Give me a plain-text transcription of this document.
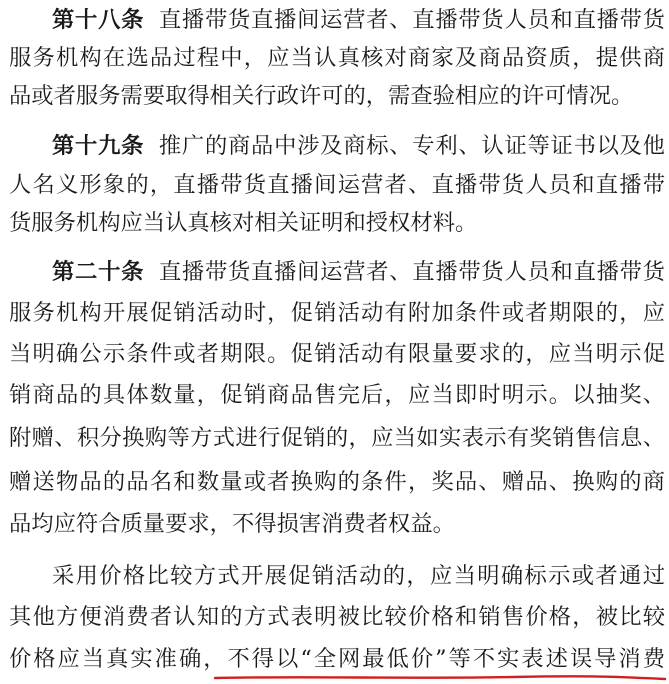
第十八条 直播带货直播间运营者、直播带货人员和直播带货
服务机构在选品过程中，应当认真核对商家及商品资质，提供商
品或者服务需要取得相关行政许可的，需查验相应的许可情况。
第十九条 推广的商品中涉及商标、专利、认证等证书以及他
人名义形象的，直播带货直播间运营者、直播带货人员和直播带
货服务机构应当认真核对相关证明和授权材料。
第二十条 直播带货直播间运营者、直播带货人员和直播带货
服务机构开展促销活动时，促销活动有附加条件或者期限的，应
当明确公示条件或者期限。促销活动有限量要求的，应当明示促
销商品的具体数量，促销商品售完后，应当即时明示。以抽奖、
附赠、积分换购等方式进行促销的，应当如实表示有奖销售信息、
赠送物品的品名和数量或者换购的条件，奖品、赠品、换购的商
品均应符合质量要求，不得损害消费者权益。
采用价格比较方式开展促销活动的，应当明确标示或者通过
其他方便消费者认知的方式表明被比较价格和销售价格，被比较
价格应当真实准确，不得以“全网最低价”等不实表述误导消费
